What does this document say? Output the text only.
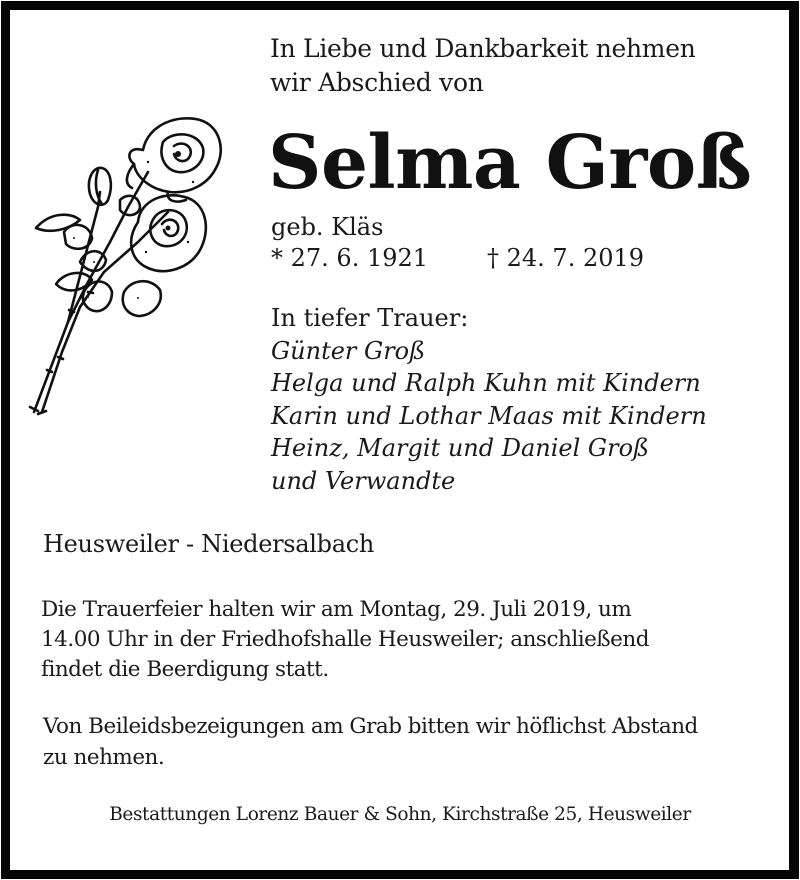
In Liebe und Dankbarkeit nehmen
wir Abschied von
Selma Groß
geb. Kläs
* 27. 6. 1921 † 24. 7. 2019
In tiefer Trauer:
Günter Groß
Helga und Ralph Kuhn mit Kindern
Karin und Lothar Maas mit Kindern
Heinz, Margit und Daniel Groß
und Verwandte
Heusweiler - Niedersalbach
Die Trauerfeier halten wir am Montag, 29. Juli 2019, um
14.00 Uhr in der Friedhofshalle Heusweiler; anschließend
findet die Beerdigung statt.
Von Beileidsbezeigungen am Grab bitten wir höflichst Abstand
zu nehmen.
Bestattungen Lorenz Bauer & Sohn, Kirchstraße 25, Heusweiler
